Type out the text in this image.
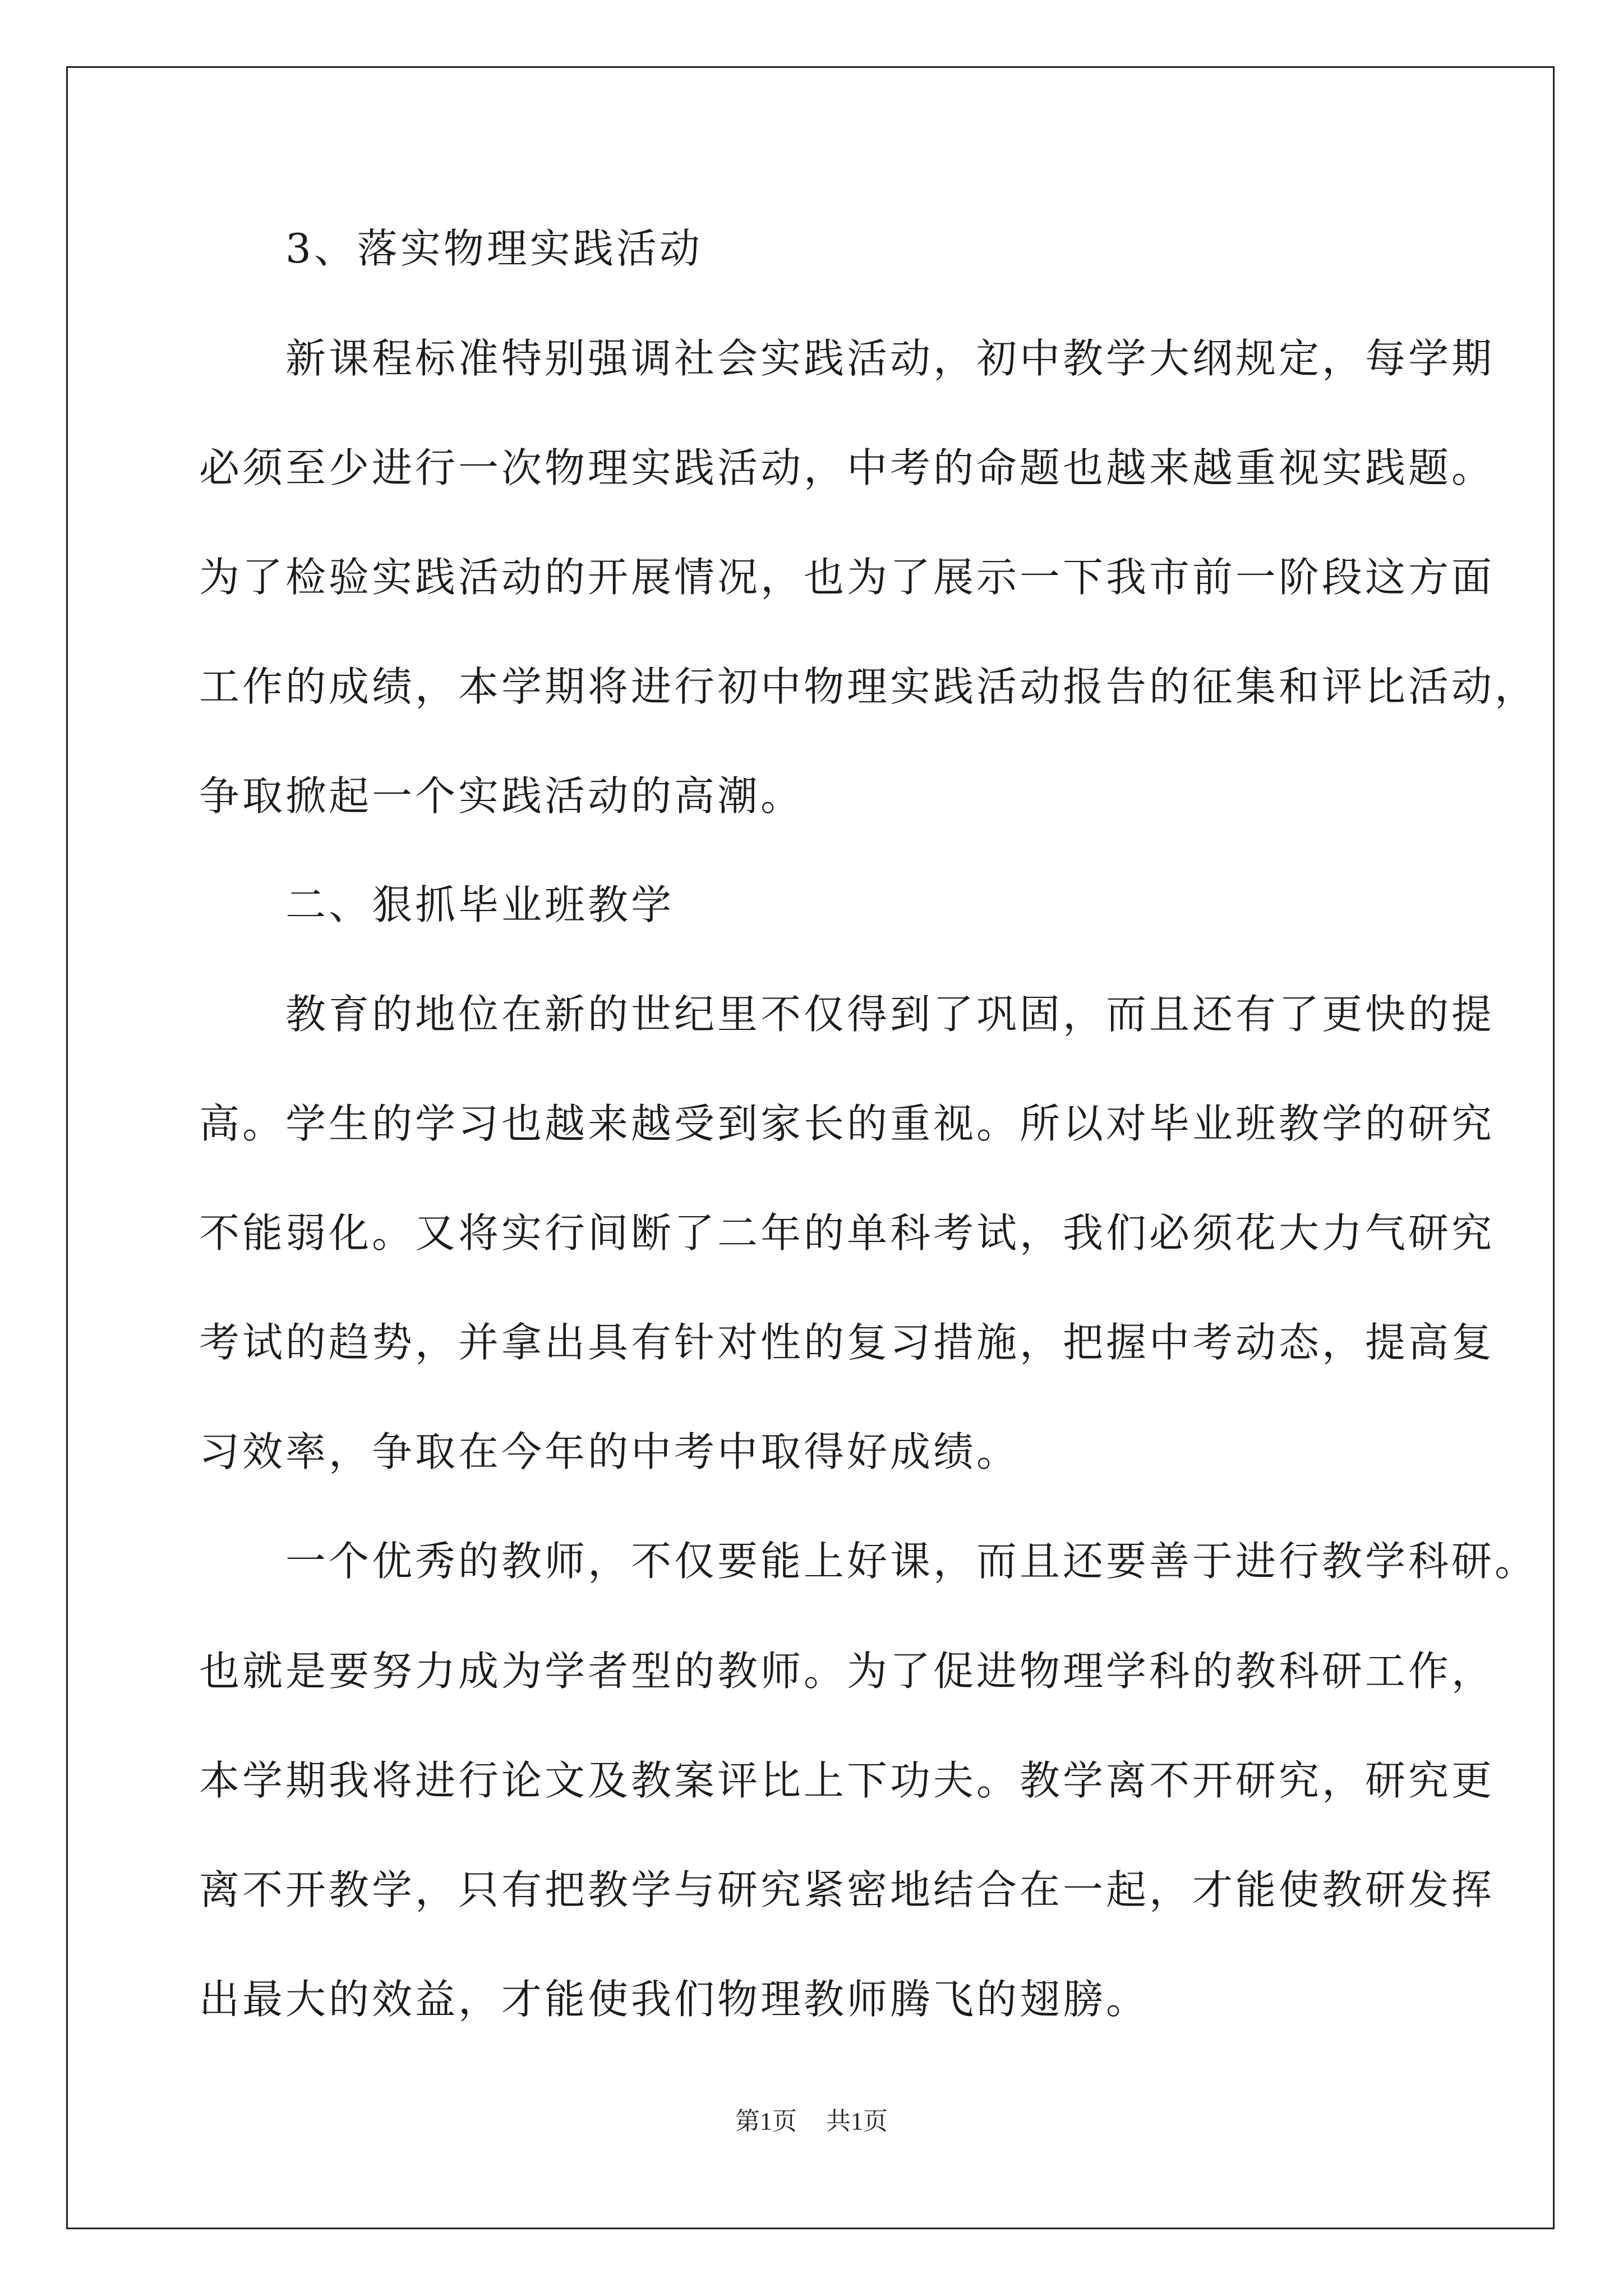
　　3、落实物理实践活动
　　新课程标准特别强调社会实践活动，初中教学大纲规定，每学期
必须至少进行一次物理实践活动，中考的命题也越来越重视实践题。
为了检验实践活动的开展情况，也为了展示一下我市前一阶段这方面
工作的成绩，本学期将进行初中物理实践活动报告的征集和评比活动，
争取掀起一个实践活动的高潮。
　　二、狠抓毕业班教学
　　教育的地位在新的世纪里不仅得到了巩固，而且还有了更快的提
高。学生的学习也越来越受到家长的重视。所以对毕业班教学的研究
不能弱化。又将实行间断了二年的单科考试，我们必须花大力气研究
考试的趋势，并拿出具有针对性的复习措施，把握中考动态，提高复
习效率，争取在今年的中考中取得好成绩。
　　一个优秀的教师，不仅要能上好课，而且还要善于进行教学科研。
也就是要努力成为学者型的教师。为了促进物理学科的教科研工作，
本学期我将进行论文及教案评比上下功夫。教学离不开研究，研究更
离不开教学，只有把教学与研究紧密地结合在一起，才能使教研发挥
出最大的效益，才能使我们物理教师腾飞的翅膀。
第1页 共1页
